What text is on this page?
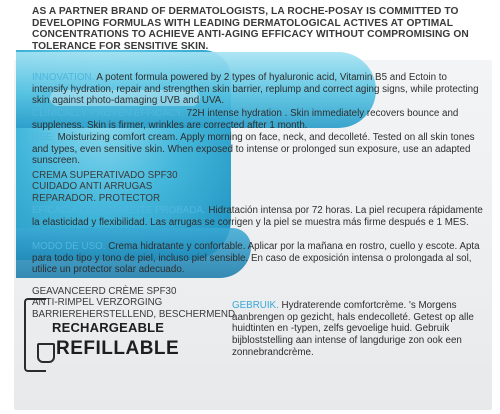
AS A PARTNER BRAND OF DERMATOLOGISTS, LA ROCHE-POSAY IS COMMITTED TO DEVELOPING FORMULAS WITH LEADING DERMATOLOGICAL ACTIVES AT OPTIMAL CONCENTRATIONS TO ACHIEVE ANTI-AGING EFFICACY WITHOUT COMPROMISING ON TOLERANCE FOR SENSITIVE SKIN.

INNOVATION. A potent formula powered by 2 types of hyaluronic acid, Vitamin B5 and Ectoin to intensify hydration, repair and strengthen skin barrier, replump and correct aging signs, while protecting skin against photo-damaging UVB and UVA.

CLINICALLY PROVEN EFFICACY. 72H intense hydration . Skin immediately recovers bounce and suppleness. Skin is firmer, wrinkles are corrected after 1 month.

USE. Moisturizing comfort cream. Apply morning on face, neck, and decolleté. Tested on all skin tones and types, even sensitive skin. When exposed to intense or prolonged sun exposure, use an adapted sunscreen.

CREMA SUPERATIVADO SPF30
CUIDADO ANTI ARRUGAS
REPARADOR. PROTECTOR

EFICACIA CLÍNICAMENTE PROBADA. Hidratación intensa por 72 horas. La piel recupera rápidamente la elasticidad y flexibilidad. Las arrugas se corrigen y la piel se muestra más firme después e 1 MES.

MODO DE USO. Crema hidratante y confortable. Aplicar por la mañana en rostro, cuello y escote. Apta para todo tipo y tono de piel, incluso piel sensible. En caso de exposición intensa o prolongada al sol, utilice un protector solar adecuado.

GEAVANCEERD CRÈME SPF30
ANTI-RIMPEL VERZORGING
BARRIEREHERSTELLEND, BESCHERMEND

GEBRUIK. Hydraterende comfortcrème. 's Morgens aanbrengen op gezicht, hals endecolleté. Getest op alle huidtinten en -typen, zelfs gevoelige huid. Gebruik bijbloststelling aan intense of langdurige zon ook een zonnebrandcrème.

RECHARGEABLE
REFILLABLE
